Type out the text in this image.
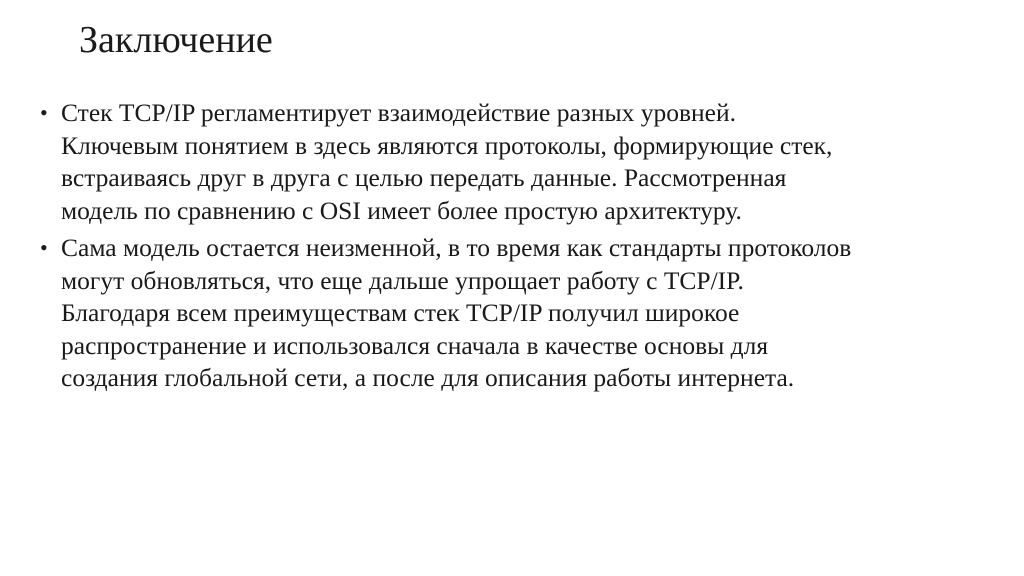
Заключение
• Стек TCP/IP регламентирует взаимодействие разных уровней.
Ключевым понятием в здесь являются протоколы, формирующие стек,
встраиваясь друг в друга с целью передать данные. Рассмотренная
модель по сравнению с OSI имеет более простую архитектуру.
• Сама модель остается неизменной, в то время как стандарты протоколов
могут обновляться, что еще дальше упрощает работу с TCP/IP.
Благодаря всем преимуществам стек TCP/IP получил широкое
распространение и использовался сначала в качестве основы для
создания глобальной сети, а после для описания работы интернета.
